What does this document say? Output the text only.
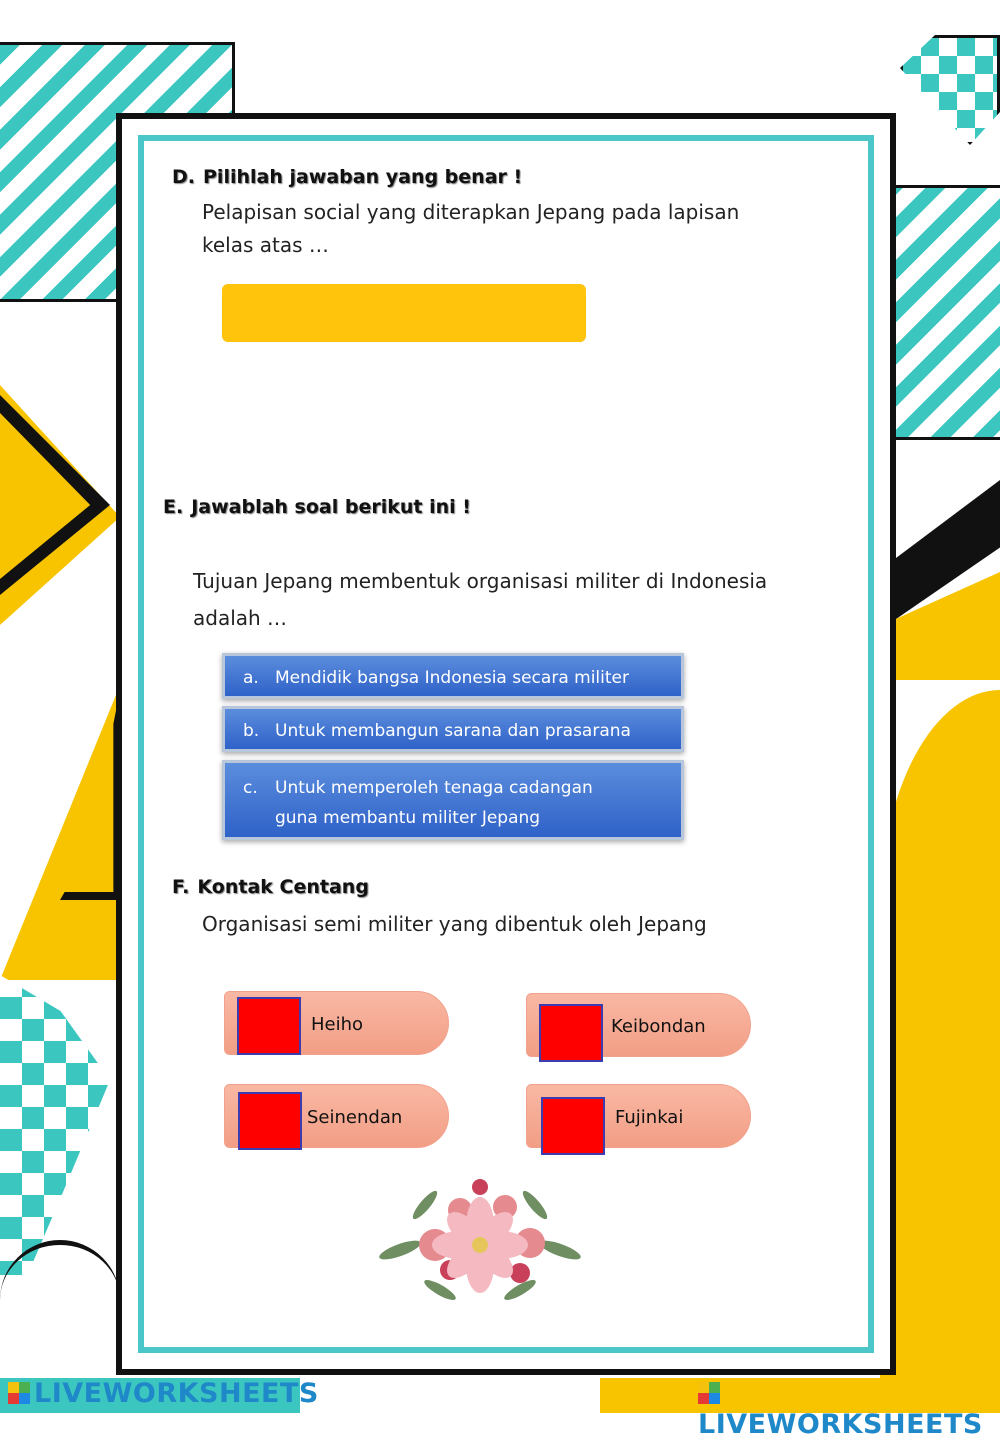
D. Pilihlah jawaban yang benar !
Pelapisan social yang diterapkan Jepang pada lapisan
kelas atas …
E. Jawablah soal berikut ini !
Tujuan Jepang membentuk organisasi militer di Indonesia
adalah …
a. Mendidik bangsa Indonesia secara militer
b. Untuk membangun sarana dan prasarana
c.	Untuk memperoleh tenaga cadangan
guna membantu militer Jepang
F. Kontak Centang
Organisasi semi militer yang dibentuk oleh Jepang
Heiho	Keibondan
Seinendan	Fujinkai
LIVEWORKSHEETS
LIVEWORKSHEETS
